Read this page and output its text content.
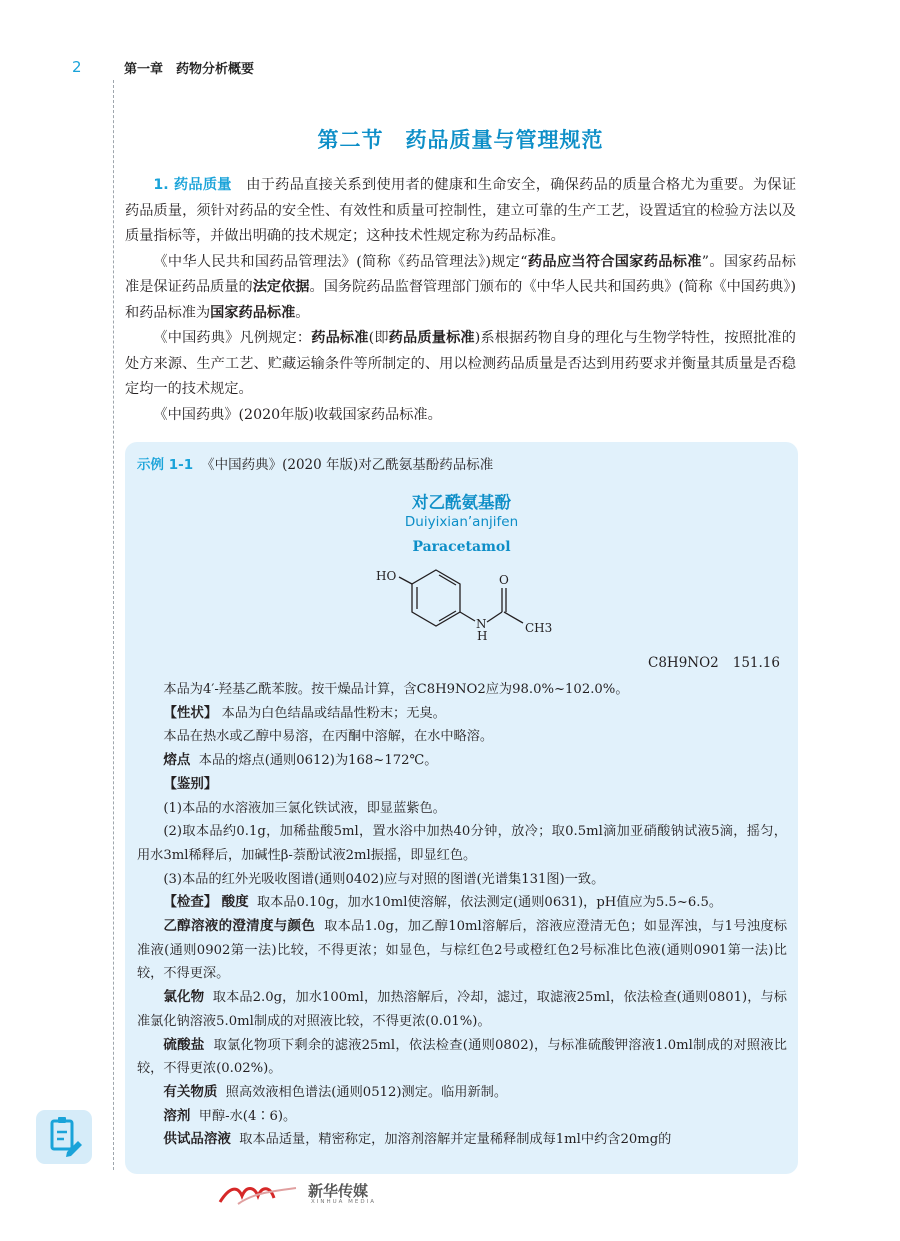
2	第一章　药物分析概要
第二节　药品质量与管理规范

1. 药品质量 由于药品直接关系到使用者的健康和生命安全，确保药品的质量合格尤为重要。为保证药品质量，须针对药品的安全性、有效性和质量可控制性，建立可靠的生产工艺，设置适宜的检验方法以及质量指标等，并做出明确的技术规定；这种技术性规定称为药品标准。

《中华人民共和国药品管理法》(简称《药品管理法》)规定“药品应当符合国家药品标准”。国家药品标准是保证药品质量的法定依据。国务院药品监督管理部门颁布的《中华人民共和国药典》(简称《中国药典》)和药品标准为国家药品标准。

《中国药典》凡例规定：药品标准(即药品质量标准)系根据药物自身的理化与生物学特性，按照批准的处方来源、生产工艺、贮藏运输条件等所制定的、用以检测药品质量是否达到用药要求并衡量其质量是否稳定均一的技术规定。

《中国药典》(2020年版)收载国家药品标准。

示例 1-1 《中国药典》(2020 年版)对乙酰氨基酚药品标准
对乙酰氨基酚
Duiyixian’anjifen
Paracetamol
HO
N
H
O
CH3
C8H9NO2 151.16

本品为4′-羟基乙酰苯胺。按干燥品计算，含C8H9NO2应为98.0%~102.0%。

【性状】 本品为白色结晶或结晶性粉末；无臭。

本品在热水或乙醇中易溶，在丙酮中溶解，在水中略溶。

熔点 本品的熔点(通则0612)为168~172℃。

【鉴别】

(1)本品的水溶液加三氯化铁试液，即显蓝紫色。

(2)取本品约0.1g，加稀盐酸5ml，置水浴中加热40分钟，放冷；取0.5ml滴加亚硝酸钠试液5滴，摇匀，用水3ml稀释后，加碱性β-萘酚试液2ml振摇，即显红色。

(3)本品的红外光吸收图谱(通则0402)应与对照的图谱(光谱集131图)一致。

【检查】 酸度 取本品0.10g，加水10ml使溶解，依法测定(通则0631)，pH值应为5.5~6.5。

乙醇溶液的澄清度与颜色 取本品1.0g，加乙醇10ml溶解后，溶液应澄清无色；如显浑浊，与1号浊度标准液(通则0902第一法)比较，不得更浓；如显色，与棕红色2号或橙红色2号标准比色液(通则0901第一法)比较，不得更深。

氯化物 取本品2.0g，加水100ml，加热溶解后，冷却，滤过，取滤液25ml，依法检查(通则0801)，与标准氯化钠溶液5.0ml制成的对照液比较，不得更浓(0.01%)。

硫酸盐 取氯化物项下剩余的滤液25ml，依法检查(通则0802)，与标准硫酸钾溶液1.0ml制成的对照液比较，不得更浓(0.02%)。

有关物质 照高效液相色谱法(通则0512)测定。临用新制。

溶剂 甲醇-水(4∶6)。

供试品溶液 取本品适量，精密称定，加溶剂溶解并定量稀释制成每1ml中约含20mg的

新华传媒
XINHUA MEDIA
